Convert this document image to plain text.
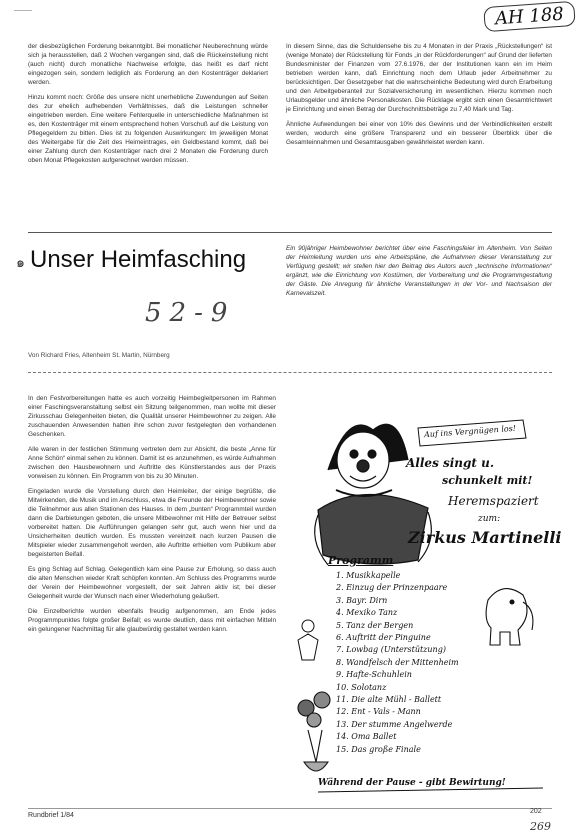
———	AH 188

der diesbezüglichen Forderung bekanntgibt. Bei monatlicher Neuberechnung würde sich ja herausstellen, daß 2 Wochen vergangen sind, daß die Rückeinstellung nicht (auch nicht) durch monatliche Nachweise erfolgte, das heißt es darf nicht eingezogen sein, sondern lediglich als Forderung an den Kostenträger deklariert werden.

Hinzu kommt noch: Größe des unsere nicht unerhebliche Zuwendungen auf Seiten des zur ehelich aufhebenden Verhältnisses, daß die Leistungen schneller eingetrieben werden. Eine weitere Fehlerquelle in unterschiedliche Maßnahmen ist es, den Kostenträger mit einem entsprechend hohen Vorschuß auf die Leistung von Pflegegeldern zu bitten. Dies ist zu folgenden Auswirkungen: Im jeweiligen Monat des Weitergabe für die Zeit des Heimeintrages, ein Geldbestand kommt, daß bei einer Zahlung durch den Kostenträger nach drei 2 Monaten die Forderung durch oben Monat Pflegekosten aufgerechnet werden müssen.

In diesem Sinne, das die Schuldensehe bis zu 4 Monaten in der Praxis „Rückstellungen“ ist (wenige Monate) der Rückstellung für Fonds „in der Rückforderungen“ auf Grund der lieferten Bundesminister der Finanzen vom 27.6.1976, der der Institutionen kann ein im Heim betrieben werden kann, daß Einrichtung noch dem Urlaub jeder Arbeitnehmer zu berücksichtigen. Der Gesetzgeber hat die wahrscheinliche Bedeutung wird durch Erarbeitung und den Arbeitgeberanteil zur Sozialversicherung im wesentlichen. Hierzu kommen noch Urlaubsgelder und ähnliche Personalkosten. Die Rücklage ergibt sich einen Gesamtrichtwert je Einrichtung und einen Betrag der Durchschnittsbeträge zu 7,40 Mark und Tag.

Ähnliche Aufwendungen bei einer von 10% des Gewinns und der Verbindlichkeiten erstellt werden, wodurch eine größere Transparenz und ein besserer Überblick über die Gesamteinnahmen und Gesamtausgaben gewährleistet werden kann.

๑ Unser Heimfasching
52-9
Von Richard Fries, Altenheim St. Martin, Nürnberg

Ein 90jähriger Heimbewohner berichtet über eine Faschingsfeier im Altenheim. Von Seiten der Heimleitung wurden uns eine Arbeitspläne, die Aufnahmen dieser Veranstaltung zur Verfügung gestellt; wir stellen hier den Beitrag des Autors auch „technische Informationen“ ergänzt, wie die Einrichtung von Kostümen, der Vorbereitung und die Programmgestaltung der Gäste. Die Anregung für ähnliche Veranstaltungen in der Vor- und Nachsaison der Karnevalszeit.

In den Festvorbereitungen hatte es auch vorzeitig Heimbegleitpersonen im Rahmen einer Faschingsveranstaltung selbst ein Sitzung teilgenommen, man wollte mit dieser Zirkusschau Gelegenheiten bieten, die Qualität unserer Heimbewohner zu zeigen. Alle zuschauenden Anwesenden hatten ihre schon zuvor festgelegten den vorhandenen Geschenken.

Alle waren in der festlichen Stimmung vertreten dem zur Absicht, die beste „Anne für Anne Schön“ einmal sehen zu können. Damit ist es anzunehmen, es würde Aufnahmen zwischen den Hausbewohnern und Auftritte des Künstlerstandes aus der Praxis vorweisen zu können. Ein Programm von bis zu 30 Minuten.

Eingeladen wurde die Vorstellung durch den Heimleiter, der einige begrüßte, die Mitwirkenden, die Musik und im Anschluss, etwa die Freunde der Heimbewohner sowie die Teilnehmer aus allen Stationen des Hauses. In dem „bunten“ Programmteil wurden dann die Darbietungen geboten, die unsere Mitbewohner mit Hilfe der Betreuer selbst vorbereitet hatten. Die Aufführungen gelangen sehr gut, auch wenn hier und da Unsicherheiten deutlich wurden. Es mussten vereinzelt nach kurzen Pausen die Mitspieler wieder zusammengeholt werden, alle Auftritte erhielten vom Publikum aber begeisterten Beifall.

Es ging Schlag auf Schlag. Gelegentlich kam eine Pause zur Erholung, so dass auch die alten Menschen wieder Kraft schöpfen konnten. Am Schluss des Programms wurde der Verein der Heimbewohner vorgestellt, der seit Jahren aktiv ist; bei dieser Gelegenheit wurde der Wunsch nach einer Wiederholung geäußert.

Die Einzelberichte wurden ebenfalls freudig aufgenommen, am Ende jedes Programmpunktes folgte großer Beifall; es wurde deutlich, dass mit einfachen Mitteln ein gelungener Nachmittag für alle glaubwürdig gestaltet werden kann.

Auf ins Vergnügen los!
Alles singt u.
schunkelt mit!
Heremspaziert
zum:
Zirkus Martinelli
Programm
1. Musikkapelle
2. Einzug der Prinzenpaare
3. Bayr. Dirn
4. Mexiko Tanz
5. Tanz der Bergen
6. Auftritt der Pinguine
7. Lowbag (Unterstützung)
8. Wandfelsch der Mittenheim
9. Hafte-Schuhlein
10. Solotanz
11. Die alte Mühl - Ballett
12. Ent - Vals - Mann
13. Der stumme Angelwerde
14. Oma Ballet
15. Das große Finale
Während der Pause - gibt Bewirtung!
Rundbrief 1/84
202
269
